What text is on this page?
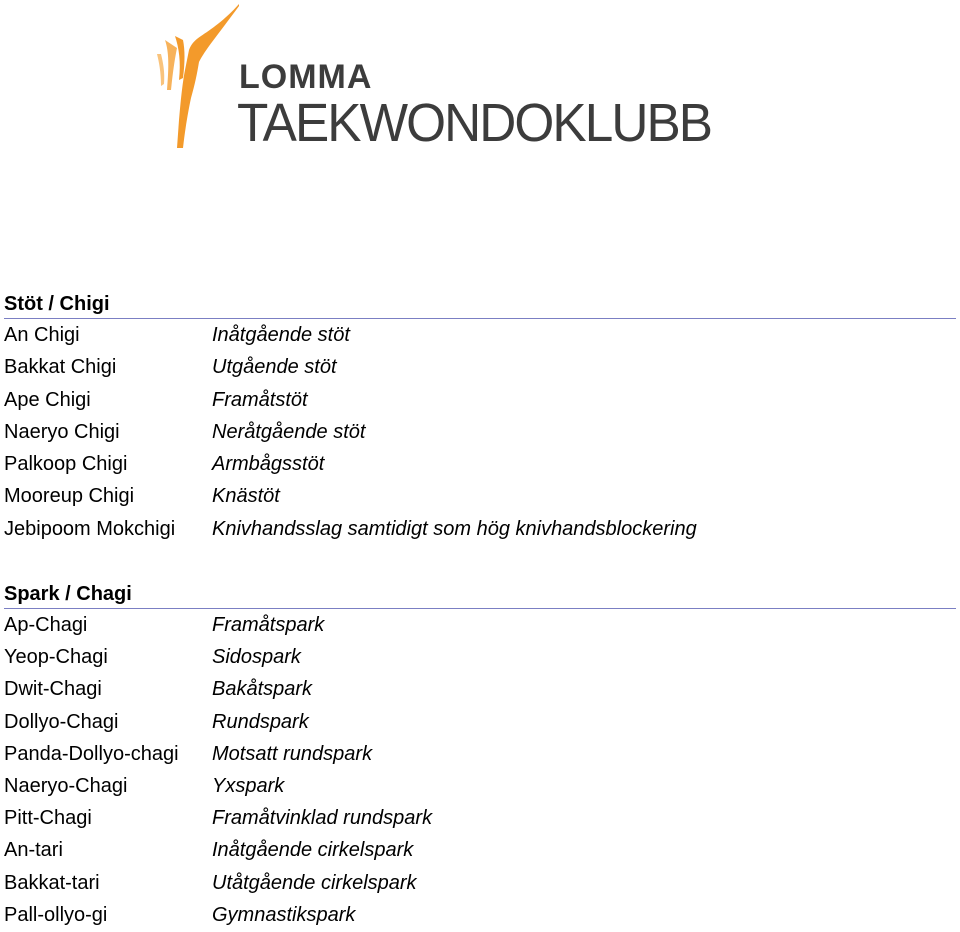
LOMMA
TAEKWONDOKLUBB
Stöt / Chigi
An Chigi	Inåtgående stöt
Bakkat Chigi	Utgående stöt
Ape Chigi	Framåtstöt
Naeryo Chigi	Neråtgående stöt
Palkoop Chigi	Armbågsstöt
Mooreup Chigi	Knästöt
Jebipoom Mokchigi	Knivhandsslag samtidigt som hög knivhandsblockering
Spark / Chagi
Ap-Chagi	Framåtspark
Yeop-Chagi	Sidospark
Dwit-Chagi	Bakåtspark
Dollyo-Chagi	Rundspark
Panda-Dollyo-chagi	Motsatt rundspark
Naeryo-Chagi	Yxspark
Pitt-Chagi	Framåtvinklad rundspark
An-tari	Inåtgående cirkelspark
Bakkat-tari	Utåtgående cirkelspark
Pall-ollyo-gi	Gymnastikspark
